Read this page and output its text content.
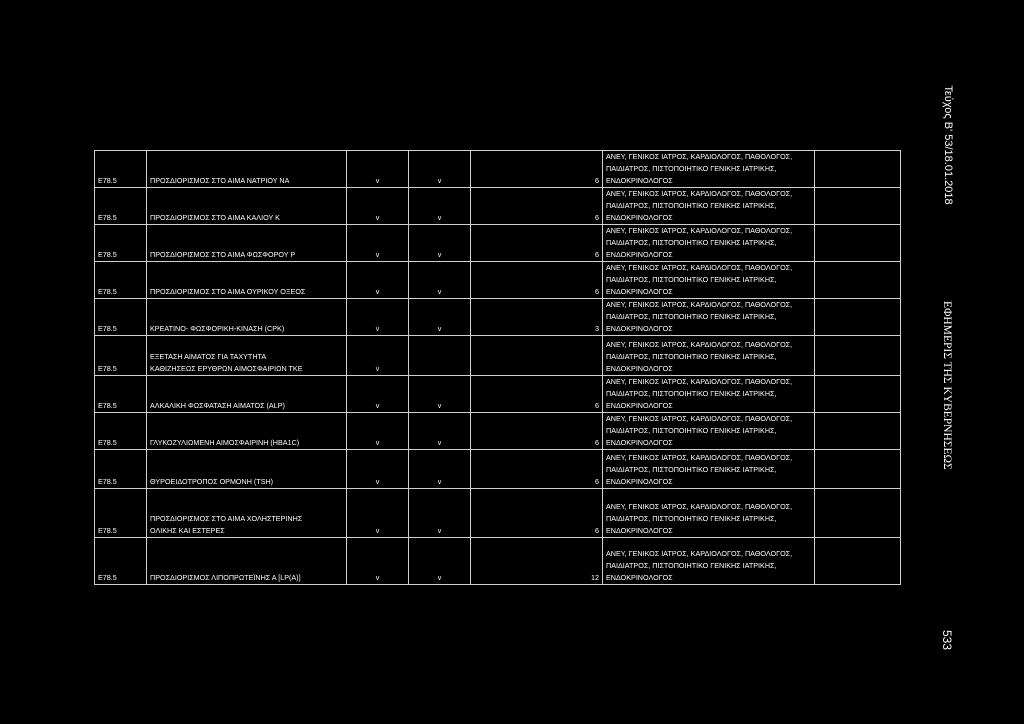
E78.5	ΠΡΟΣΔΙΟΡΙΣΜΟΣ ΣΤΟ ΑΙΜΑ ΝΑΤΡΙΟΥ NA	v	v	6	ΑΝΕΥ, ΓΕΝΙΚΟΣ ΙΑΤΡΟΣ, ΚΑΡΔΙΟΛΟΓΟΣ, ΠΑΘΟΛΟΓΟΣ,
ΠΑΙΔΙΑΤΡΟΣ, ΠΙΣΤΟΠΟΙΗΤΙΚΟ ΓΕΝΙΚΗΣ ΙΑΤΡΙΚΗΣ,
ΕΝΔΟΚΡΙΝΟΛΟΓΟΣ	

E78.5	ΠΡΟΣΔΙΟΡΙΣΜΟΣ ΣΤΟ ΑΙΜΑ ΚΑΛΙΟΥ K	v	v	6	ΑΝΕΥ, ΓΕΝΙΚΟΣ ΙΑΤΡΟΣ, ΚΑΡΔΙΟΛΟΓΟΣ, ΠΑΘΟΛΟΓΟΣ,
ΠΑΙΔΙΑΤΡΟΣ, ΠΙΣΤΟΠΟΙΗΤΙΚΟ ΓΕΝΙΚΗΣ ΙΑΤΡΙΚΗΣ,
ΕΝΔΟΚΡΙΝΟΛΟΓΟΣ	

E78.5	ΠΡΟΣΔΙΟΡΙΣΜΟΣ ΣΤΟ ΑΙΜΑ ΦΩΣΦΟΡΟΥ P	v	v	6	ΑΝΕΥ, ΓΕΝΙΚΟΣ ΙΑΤΡΟΣ, ΚΑΡΔΙΟΛΟΓΟΣ, ΠΑΘΟΛΟΓΟΣ,
ΠΑΙΔΙΑΤΡΟΣ, ΠΙΣΤΟΠΟΙΗΤΙΚΟ ΓΕΝΙΚΗΣ ΙΑΤΡΙΚΗΣ,
ΕΝΔΟΚΡΙΝΟΛΟΓΟΣ	

E78.5	ΠΡΟΣΔΙΟΡΙΣΜΟΣ ΣΤΟ ΑΙΜΑ ΟΥΡΙΚΟΥ ΟΞΕΟΣ	v	v	6	ΑΝΕΥ, ΓΕΝΙΚΟΣ ΙΑΤΡΟΣ, ΚΑΡΔΙΟΛΟΓΟΣ, ΠΑΘΟΛΟΓΟΣ,
ΠΑΙΔΙΑΤΡΟΣ, ΠΙΣΤΟΠΟΙΗΤΙΚΟ ΓΕΝΙΚΗΣ ΙΑΤΡΙΚΗΣ,
ΕΝΔΟΚΡΙΝΟΛΟΓΟΣ	

E78.5	ΚΡΕΑΤΙΝΟ- ΦΩΣΦΟΡΙΚΗ-ΚΙΝΑΣΗ (CPK)	v	v	3	ΑΝΕΥ, ΓΕΝΙΚΟΣ ΙΑΤΡΟΣ, ΚΑΡΔΙΟΛΟΓΟΣ, ΠΑΘΟΛΟΓΟΣ,
ΠΑΙΔΙΑΤΡΟΣ, ΠΙΣΤΟΠΟΙΗΤΙΚΟ ΓΕΝΙΚΗΣ ΙΑΤΡΙΚΗΣ,
ΕΝΔΟΚΡΙΝΟΛΟΓΟΣ	

E78.5	ΕΞΕΤΑΣΗ ΑΙΜΑΤΟΣ ΓΙΑ ΤΑΧΥΤΗΤΑ
ΚΑΘΙΖΗΣΕΩΣ ΕΡΥΘΡΩΝ ΑΙΜΟΣΦΑΙΡΙΩΝ ΤΚΕ	v			ΑΝΕΥ, ΓΕΝΙΚΟΣ ΙΑΤΡΟΣ, ΚΑΡΔΙΟΛΟΓΟΣ, ΠΑΘΟΛΟΓΟΣ,
ΠΑΙΔΙΑΤΡΟΣ, ΠΙΣΤΟΠΟΙΗΤΙΚΟ ΓΕΝΙΚΗΣ ΙΑΤΡΙΚΗΣ,
ΕΝΔΟΚΡΙΝΟΛΟΓΟΣ	

E78.5	ΑΛΚΑΛΙΚΗ ΦΩΣΦΑΤΑΣΗ ΑΙΜΑΤΟΣ (ALP)	v	v	6	ΑΝΕΥ, ΓΕΝΙΚΟΣ ΙΑΤΡΟΣ, ΚΑΡΔΙΟΛΟΓΟΣ, ΠΑΘΟΛΟΓΟΣ,
ΠΑΙΔΙΑΤΡΟΣ, ΠΙΣΤΟΠΟΙΗΤΙΚΟ ΓΕΝΙΚΗΣ ΙΑΤΡΙΚΗΣ,
ΕΝΔΟΚΡΙΝΟΛΟΓΟΣ	

E78.5	ΓΛΥΚΟΖΥΛΙΩΜΕΝΗ ΑΙΜΟΣΦΑΙΡΙΝΗ (HBA1C)	v	v	6	ΑΝΕΥ, ΓΕΝΙΚΟΣ ΙΑΤΡΟΣ, ΚΑΡΔΙΟΛΟΓΟΣ, ΠΑΘΟΛΟΓΟΣ,
ΠΑΙΔΙΑΤΡΟΣ, ΠΙΣΤΟΠΟΙΗΤΙΚΟ ΓΕΝΙΚΗΣ ΙΑΤΡΙΚΗΣ,
ΕΝΔΟΚΡΙΝΟΛΟΓΟΣ	

E78.5	ΘΥΡΟΕΙΔΟΤΡΟΠΟΣ ΟΡΜΟΝΗ (TSH)	v	v	6	ΑΝΕΥ, ΓΕΝΙΚΟΣ ΙΑΤΡΟΣ, ΚΑΡΔΙΟΛΟΓΟΣ, ΠΑΘΟΛΟΓΟΣ,
ΠΑΙΔΙΑΤΡΟΣ, ΠΙΣΤΟΠΟΙΗΤΙΚΟ ΓΕΝΙΚΗΣ ΙΑΤΡΙΚΗΣ,
ΕΝΔΟΚΡΙΝΟΛΟΓΟΣ	

E78.5	ΠΡΟΣΔΙΟΡΙΣΜΟΣ ΣΤΟ ΑΙΜΑ ΧΟΛΗΣΤΕΡΙΝΗΣ
ΟΛΙΚΗΣ ΚΑΙ ΕΣΤΕΡΕΣ	v	v	6	ΑΝΕΥ, ΓΕΝΙΚΟΣ ΙΑΤΡΟΣ, ΚΑΡΔΙΟΛΟΓΟΣ, ΠΑΘΟΛΟΓΟΣ,
ΠΑΙΔΙΑΤΡΟΣ, ΠΙΣΤΟΠΟΙΗΤΙΚΟ ΓΕΝΙΚΗΣ ΙΑΤΡΙΚΗΣ,
ΕΝΔΟΚΡΙΝΟΛΟΓΟΣ	

E78.5	ΠΡΟΣΔΙΟΡΙΣΜΟΣ ΛΙΠΟΠΡΩΤΕΪΝΗΣ Α [LP(A)]	v	v	12	ΑΝΕΥ, ΓΕΝΙΚΟΣ ΙΑΤΡΟΣ, ΚΑΡΔΙΟΛΟΓΟΣ, ΠΑΘΟΛΟΓΟΣ,
ΠΑΙΔΙΑΤΡΟΣ, ΠΙΣΤΟΠΟΙΗΤΙΚΟ ΓΕΝΙΚΗΣ ΙΑΤΡΙΚΗΣ,
ΕΝΔΟΚΡΙΝΟΛΟΓΟΣ	

Τεύχος Β' 53/18.01.2018
ΕΦΗΜΕΡΙΣ ΤΗΣ ΚΥΒΕΡΝΗΣΕΩΣ
533
